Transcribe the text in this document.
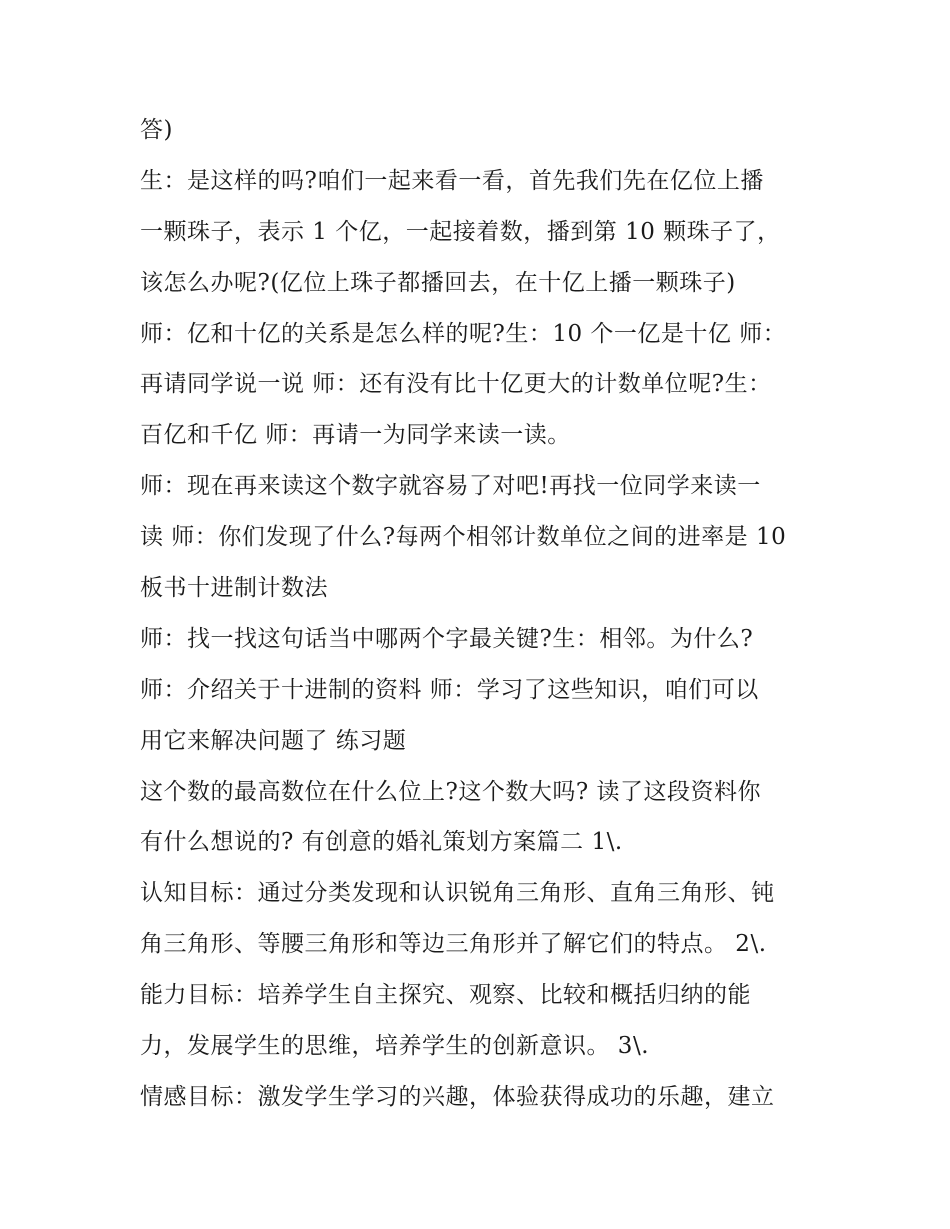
答)
生：是这样的吗?咱们一起来看一看，首先我们先在亿位上播
一颗珠子，表示 1 个亿，一起接着数，播到第 10 颗珠子了，
该怎么办呢?(亿位上珠子都播回去，在十亿上播一颗珠子)
师：亿和十亿的关系是怎么样的呢?生：10 个一亿是十亿 师：
再请同学说一说 师：还有没有比十亿更大的计数单位呢?生：
百亿和千亿 师：再请一为同学来读一读。
师：现在再来读这个数字就容易了对吧!再找一位同学来读一
读 师：你们发现了什么?每两个相邻计数单位之间的进率是 10
板书十进制计数法
师：找一找这句话当中哪两个字最关键?生：相邻。为什么?
师：介绍关于十进制的资料 师：学习了这些知识，咱们可以
用它来解决问题了 练习题
这个数的最高数位在什么位上?这个数大吗? 读了这段资料你
有什么想说的? 有创意的婚礼策划方案篇二 1\.
认知目标：通过分类发现和认识锐角三角形、直角三角形、钝
角三角形、等腰三角形和等边三角形并了解它们的特点。 2\.
能力目标：培养学生自主探究、观察、比较和概括归纳的能
力，发展学生的思维，培养学生的创新意识。 3\.
情感目标：激发学生学习的兴趣，体验获得成功的乐趣，建立
